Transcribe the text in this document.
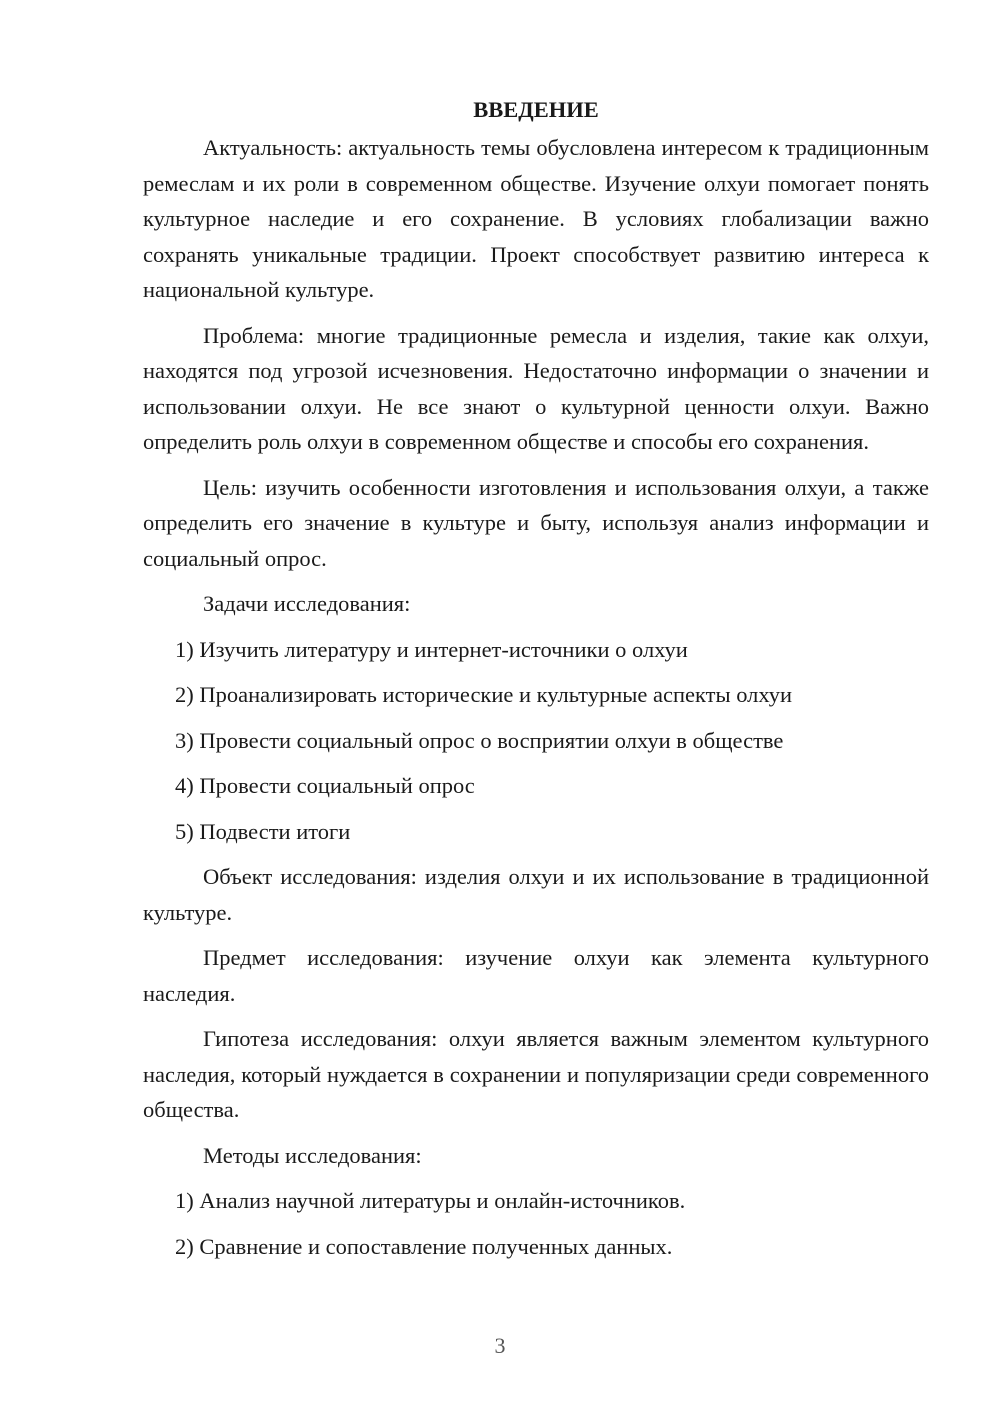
ВВЕДЕНИЕ

Актуальность: актуальность темы обусловлена интересом к традиционным ремеслам и их роли в современном обществе. Изучение олхуи помогает понять культурное наследие и его сохранение. В условиях глобализации важно сохранять уникальные традиции. Проект способствует развитию интереса к национальной культуре.

Проблема: многие традиционные ремесла и изделия, такие как олхуи, находятся под угрозой исчезновения. Недостаточно информации о значении и использовании олхуи. Не все знают о культурной ценности олхуи. Важно определить роль олхуи в современном обществе и способы его сохранения.

Цель: изучить особенности изготовления и использования олхуи, а также определить его значение в культуре и быту, используя анализ информации и социальный опрос.

Задачи исследования:
1) Изучить литературу и интернет-источники о олхуи
2) Проанализировать исторические и культурные аспекты олхуи
3) Провести социальный опрос о восприятии олхуи в обществе
4) Провести социальный опрос
5) Подвести итоги

Объект исследования: изделия олхуи и их использование в традиционной культуре.

Предмет исследования: изучение олхуи как элемента культурного наследия.

Гипотеза исследования: олхуи является важным элементом культурного наследия, который нуждается в сохранении и популяризации среди современного общества.

Методы исследования:
1) Анализ научной литературы и онлайн-источников.
2) Сравнение и сопоставление полученных данных.
3
